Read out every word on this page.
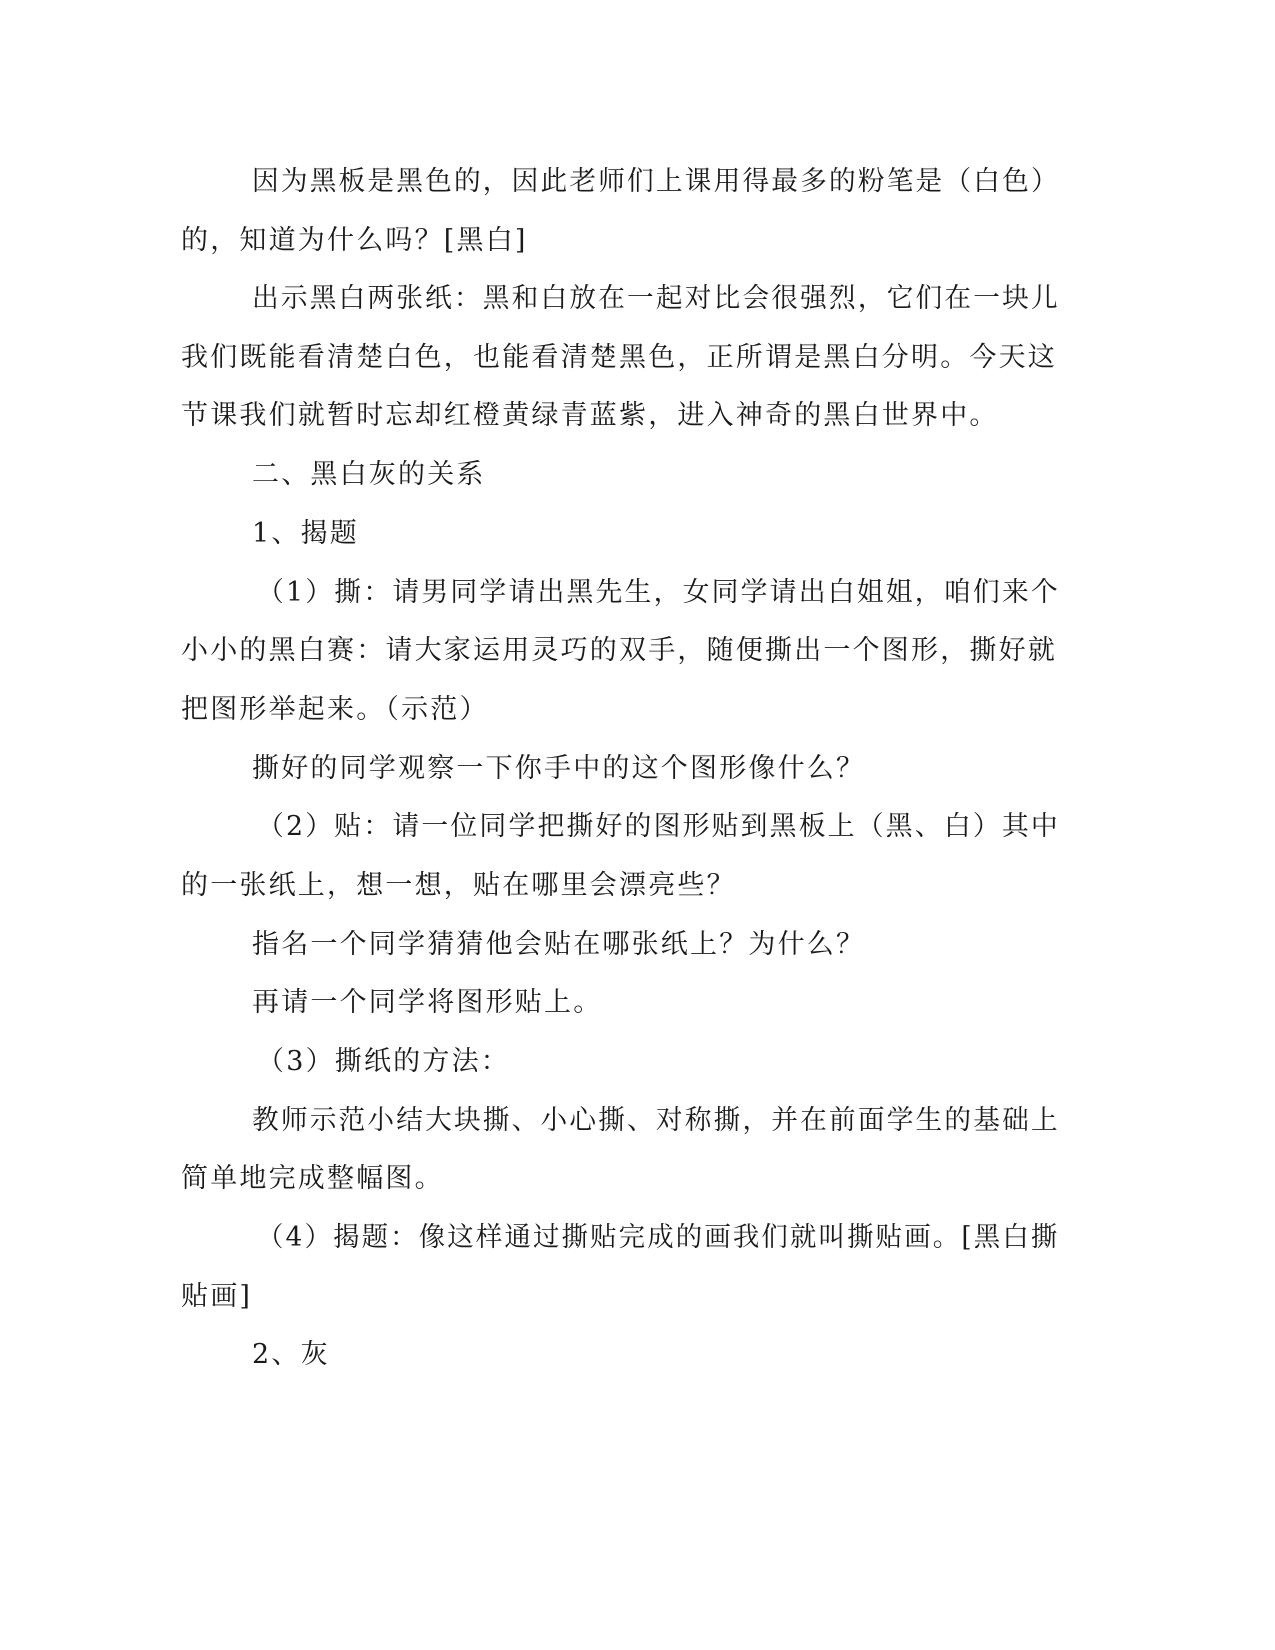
因为黑板是黑色的，因此老师们上课用得最多的粉笔是（白色）
的，知道为什么吗？[黑白]
出示黑白两张纸：黑和白放在一起对比会很强烈，它们在一块儿
我们既能看清楚白色，也能看清楚黑色，正所谓是黑白分明。今天这
节课我们就暂时忘却红橙黄绿青蓝紫，进入神奇的黑白世界中。
二、黑白灰的关系
1、揭题
（1）撕：请男同学请出黑先生，女同学请出白姐姐，咱们来个
小小的黑白赛：请大家运用灵巧的双手，随便撕出一个图形，撕好就
把图形举起来。（示范）
撕好的同学观察一下你手中的这个图形像什么？
（2）贴：请一位同学把撕好的图形贴到黑板上（黑、白）其中
的一张纸上，想一想，贴在哪里会漂亮些？
指名一个同学猜猜他会贴在哪张纸上？为什么？
再请一个同学将图形贴上。
（3）撕纸的方法：
教师示范小结大块撕、小心撕、对称撕，并在前面学生的基础上
简单地完成整幅图。
（4）揭题：像这样通过撕贴完成的画我们就叫撕贴画。[黑白撕
贴画]
2、灰
